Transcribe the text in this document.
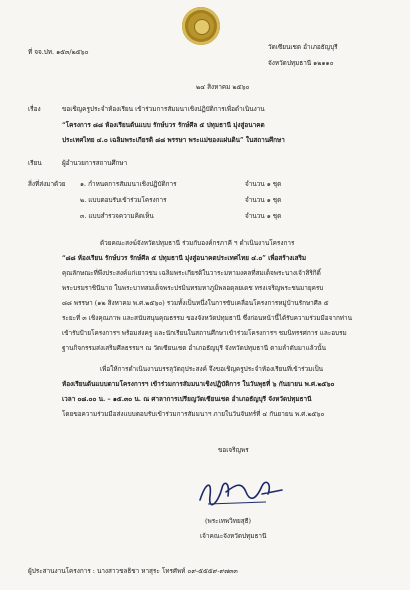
ที่ จจ.ปท. ๑๕๓/๒๕๖๐
วัดเซียนเชต อำเภอธัญบุรี
จังหวัดปทุมธานี ๑๒๑๑๐
๒๔ สิงหาคม ๒๕๖๐
เรื่อง	ขอเชิญครูประจำห้องเรียน เข้าร่วมการสัมมนาเชิงปฏิบัติการเพื่อดำเนินงาน
“โครงการ ๘๘ ห้องเรียนต้นแบบ รักษ์บวร รักษ์ศีล ๕ ปทุมธานี มุ่งสู่อนาคต
ประเทศไทย ๔.๐ เฉลิมพระเกียรติ ๘๘ พรรษา พระแม่ของแผ่นดิน” ในสถานศึกษา
เรียน	ผู้อำนวยการสถานศึกษา
สิ่งที่ส่งมาด้วย ๑. กำหนดการสัมมนาเชิงปฏิบัติการ	จำนวน ๑ ชุด
๒. แบบตอบรับเข้าร่วมโครงการ	จำนวน ๑ ชุด
๓. แบบสำรวจความคิดเห็น	จำนวน ๑ ชุด
ด้วยคณะสงฆ์จังหวัดปทุมธานี ร่วมกับองค์กรภาคี ฯ ดำเนินงานโครงการ
“๘๘ ห้องเรียน รักษ์บวร รักษ์ศีล ๕ ปทุมธานี มุ่งสู่อนาคตประเทศไทย ๔.๐” เพื่อสร้างเสริม
คุณลักษณะที่พึงประสงค์แก่เยาวชน เฉลิมพระเกียรติในวาระมหามงคลที่สมเด็จพระนางเจ้าสิริกิติ์
พระบรมราชินีนาถ ในพระบาทสมเด็จพระปรมินทรมหาภูมิพลอดุลยเดช ทรงเจริญพระชนมายุครบ
๘๘ พรรษา (๑๒ สิงหาคม พ.ศ.๒๕๖๐) รวมทั้งเป็นหนึ่งในการขับเคลื่อนโครงการหมู่บ้านรักษาศีล ๕
ระยะที่ ๓ เชิงคุณภาพ และสนับสนุนคุณธรรม ของจังหวัดปทุมธานี ซึ่งก่อนหน้านี้ได้รับความร่วมมือจากท่าน
เข้ารับป้ายโครงการฯ พร้อมส่งครู และนักเรียนในสถานศึกษาเข้าร่วมโครงการฯ ชมนิทรรศการ และอบรม
ฐานกิจกรรมส่งเสริมศีลธรรมฯ ณ วัดเซียนเชต อำเภอธัญบุรี จังหวัดปทุมธานี ตามลำดับมาแล้วนั้น
เพื่อให้การดำเนินงานบรรลุวัตถุประสงค์ จึงขอเชิญครูประจำห้องเรียนที่เข้าร่วมเป็น
ห้องเรียนต้นแบบตามโครงการฯ เข้าร่วมการสัมมนาเชิงปฏิบัติการ ในวันพุธที่ ๖ กันยายน พ.ศ.๒๕๖๐
เวลา ๐๘.๐๐ น. – ๑๕.๓๐ น. ณ ศาลาการเปรียญวัดเซียนเชต อำเภอธัญบุรี จังหวัดปทุมธานี
โดยขอความร่วมมือส่งแบบตอบรับเข้าร่วมการสัมมนาฯ ภายในวันจันทร์ที่ ๔ กันยายน พ.ศ.๒๕๖๐
ขอเจริญพร
(พระเทพวิทยสุธี)
เจ้าคณะจังหวัดปทุมธานี
ผู้ประสานงานโครงการ : นางสาวชลธิชา หาสุระ โทรศัพท์ ๐๙-๕๕๕๙-๙๗๓๓
